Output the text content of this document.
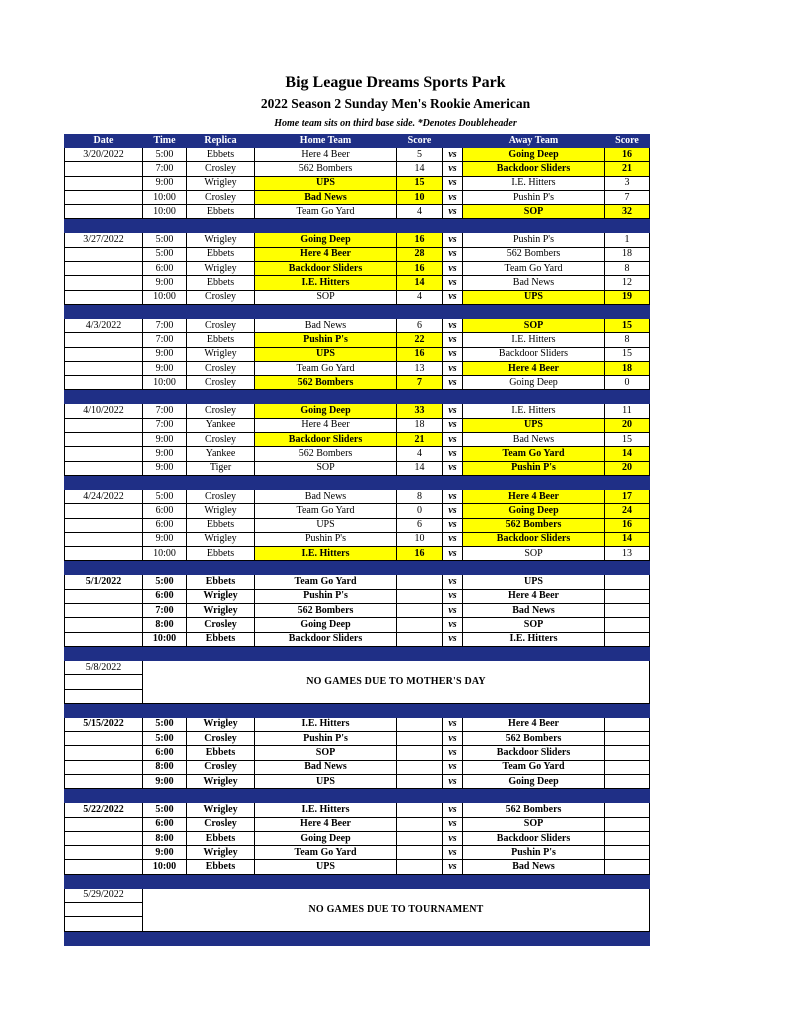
Big League Dreams Sports Park
2022 Season 2 Sunday Men's Rookie American
Home team sits on third base side. *Denotes Doubleheader
Date	Time	Replica	Home Team	Score		Away Team	Score
3/20/2022	5:00	Ebbets	Here 4 Beer	5	vs	Going Deep	16
	7:00	Crosley	562 Bombers	14	vs	Backdoor Sliders	21
	9:00	Wrigley	UPS	15	vs	I.E. Hitters	3
	10:00	Crosley	Bad News	10	vs	Pushin P's	7
	10:00	Ebbets	Team Go Yard	4	vs	SOP	32

3/27/2022	5:00	Wrigley	Going Deep	16	vs	Pushin P's	1
	5:00	Ebbets	Here 4 Beer	28	vs	562 Bombers	18
	6:00	Wrigley	Backdoor Sliders	16	vs	Team Go Yard	8
	9:00	Ebbets	I.E. Hitters	14	vs	Bad News	12
	10:00	Crosley	SOP	4	vs	UPS	19

4/3/2022	7:00	Crosley	Bad News	6	vs	SOP	15
	7:00	Ebbets	Pushin P's	22	vs	I.E. Hitters	8
	9:00	Wrigley	UPS	16	vs	Backdoor Sliders	15
	9:00	Crosley	Team Go Yard	13	vs	Here 4 Beer	18
	10:00	Crosley	562 Bombers	7	vs	Going Deep	0

4/10/2022	7:00	Crosley	Going Deep	33	vs	I.E. Hitters	11
	7:00	Yankee	Here 4 Beer	18	vs	UPS	20
	9:00	Crosley	Backdoor Sliders	21	vs	Bad News	15
	9:00	Yankee	562 Bombers	4	vs	Team Go Yard	14
	9:00	Tiger	SOP	14	vs	Pushin P's	20

4/24/2022	5:00	Crosley	Bad News	8	vs	Here 4 Beer	17
	6:00	Wrigley	Team Go Yard	0	vs	Going Deep	24
	6:00	Ebbets	UPS	6	vs	562 Bombers	16
	9:00	Wrigley	Pushin P's	10	vs	Backdoor Sliders	14
	10:00	Ebbets	I.E. Hitters	16	vs	SOP	13

5/1/2022	5:00	Ebbets	Team Go Yard		vs	UPS	
	6:00	Wrigley	Pushin P's		vs	Here 4 Beer	
	7:00	Wrigley	562 Bombers		vs	Bad News	
	8:00	Crosley	Going Deep		vs	SOP	
	10:00	Ebbets	Backdoor Sliders		vs	I.E. Hitters	

5/8/2022	NO GAMES DUE TO MOTHER'S DAY						

5/15/2022	5:00	Wrigley	I.E. Hitters		vs	Here 4 Beer	
	5:00	Crosley	Pushin P's		vs	562 Bombers	
	6:00	Ebbets	SOP		vs	Backdoor Sliders	
	8:00	Crosley	Bad News		vs	Team Go Yard	
	9:00	Wrigley	UPS		vs	Going Deep	

5/22/2022	5:00	Wrigley	I.E. Hitters		vs	562 Bombers	
	6:00	Crosley	Here 4 Beer		vs	SOP	
	8:00	Ebbets	Going Deep		vs	Backdoor Sliders	
	9:00	Wrigley	Team Go Yard		vs	Pushin P's	
	10:00	Ebbets	UPS		vs	Bad News	

5/29/2022	NO GAMES DUE TO TOURNAMENT						
